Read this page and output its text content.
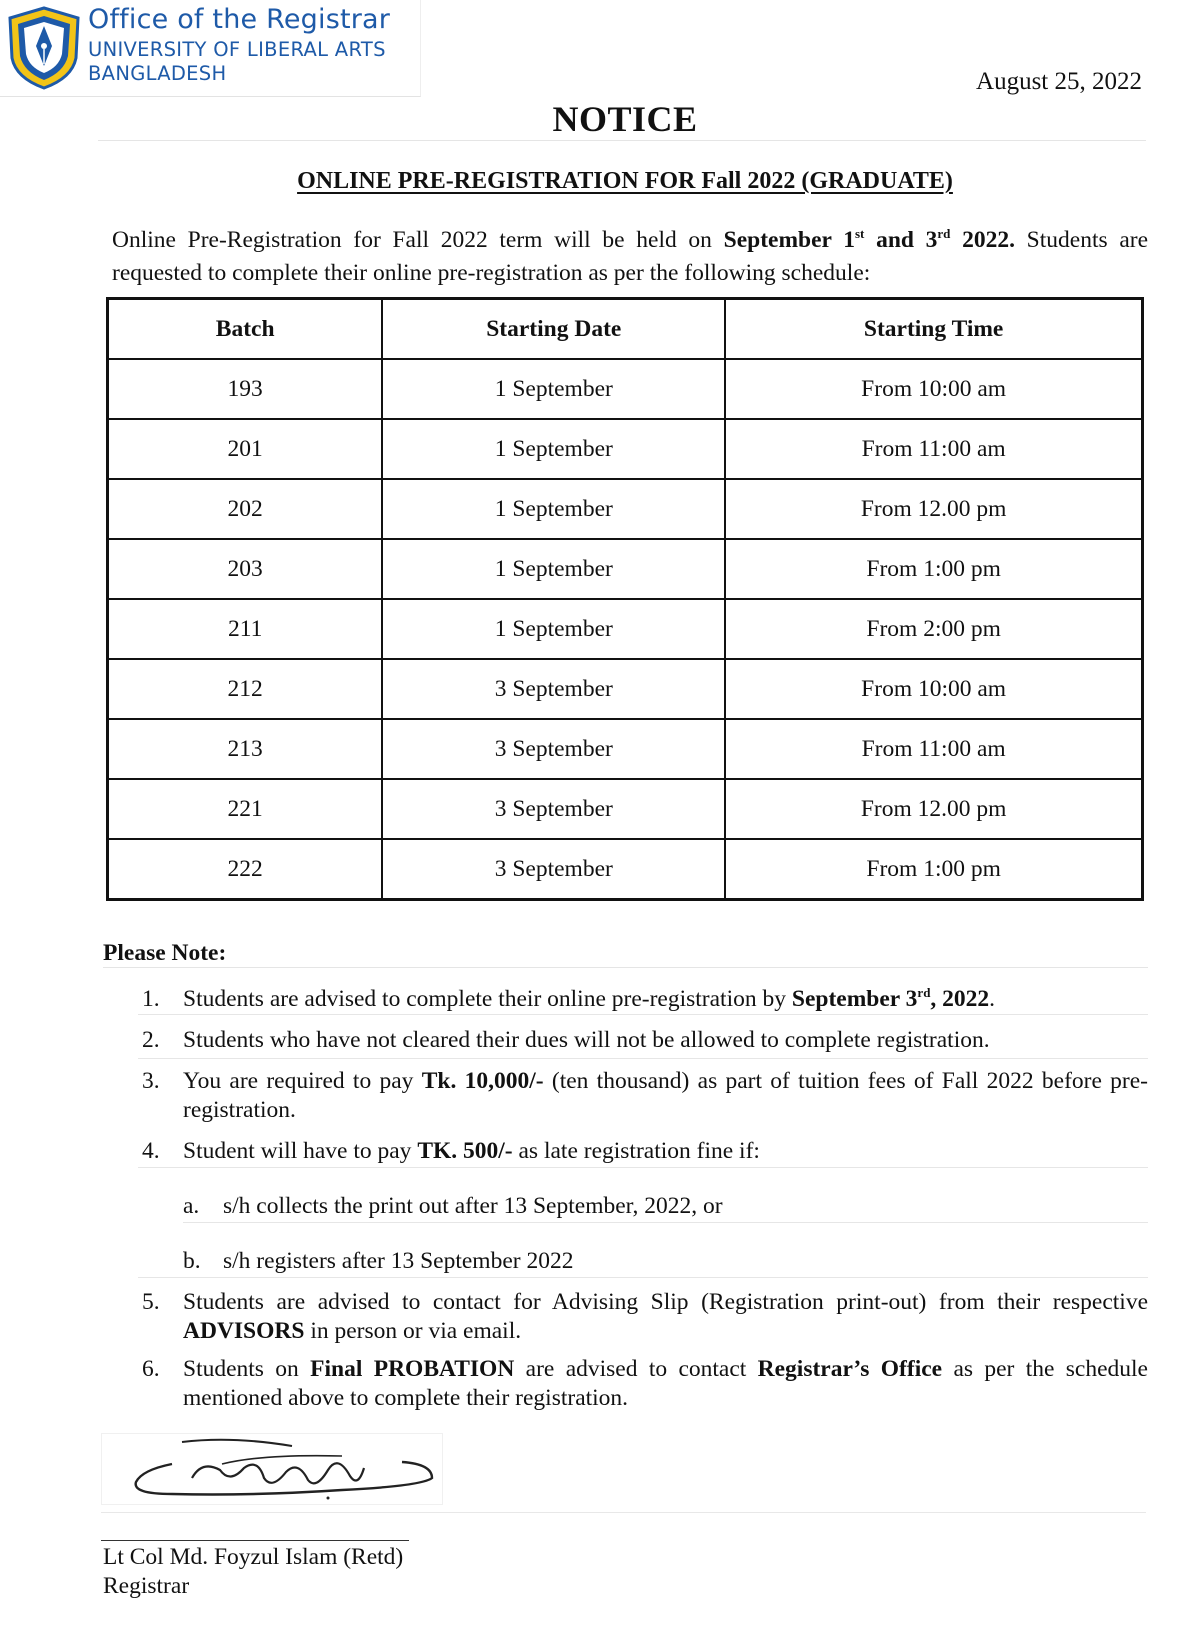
Office of the Registrar
UNIVERSITY OF LIBERAL ARTS
BANGLADESH	August 25, 2022
NOTICE
ONLINE PRE-REGISTRATION FOR Fall 2022 (GRADUATE)
Online Pre-Registration for Fall 2022 term will be held on September 1st and 3rd 2022. Students are requested to complete their online pre-registration as per the following schedule:
Batch	Starting Date	Starting Time
193	1 September	From 10:00 am
201	1 September	From 11:00 am
202	1 September	From 12.00 pm
203	1 September	From 1:00 pm
211	1 September	From 2:00 pm
212	3 September	From 10:00 am
213	3 September	From 11:00 am
221	3 September	From 12.00 pm
222	3 September	From 1:00 pm
Please Note:
1. Students are advised to complete their online pre-registration by September 3rd, 2022.
2. Students who have not cleared their dues will not be allowed to complete registration.
3. You are required to pay Tk. 10,000/- (ten thousand) as part of tuition fees of Fall 2022 before pre-registration.
4. Student will have to pay TK. 500/- as late registration fine if:
a. s/h collects the print out after 13 September, 2022, or
b. s/h registers after 13 September 2022
5. Students are advised to contact for Advising Slip (Registration print-out) from their respective ADVISORS in person or via email.
6. Students on Final PROBATION are advised to contact Registrar’s Office as per the schedule mentioned above to complete their registration.
Lt Col Md. Foyzul Islam (Retd)
Registrar
